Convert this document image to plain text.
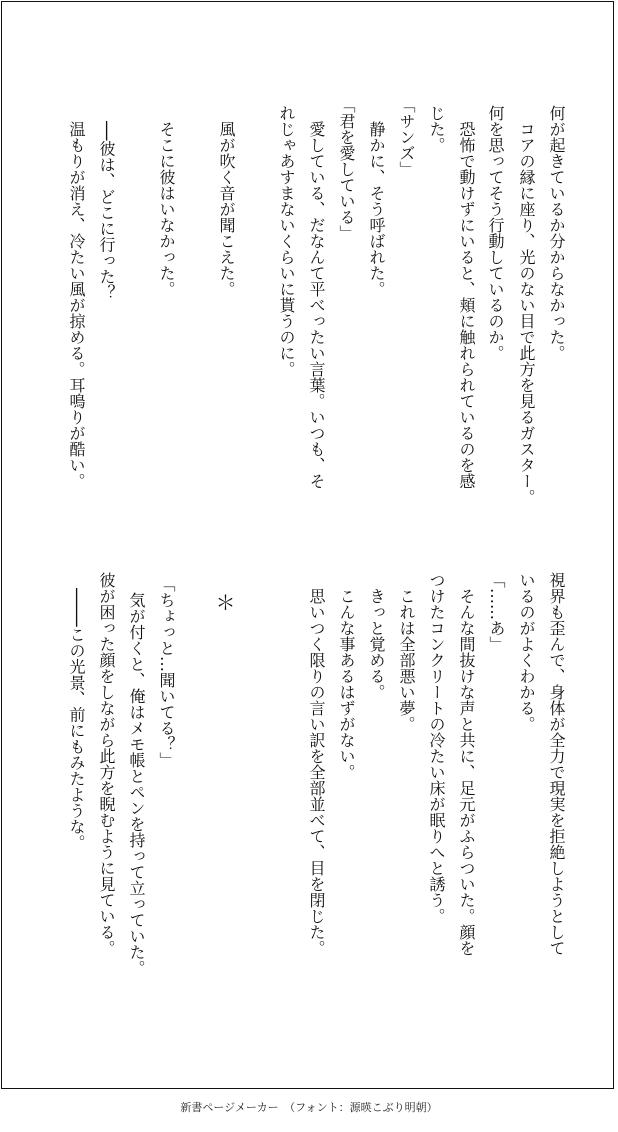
何が起きているか分からなかった。
　コアの縁に座り、光のない目で此方を見るガスター。
何を思ってそう行動しているのか。
　恐怖で動けずにいると、頬に触れられているのを感
じた。
「サンズ」
　静かに、そう呼ばれた。
「君を愛している」
　愛している、だなんて平べったい言葉。いつも、そ
れじゃあすまないくらいに貰うのに。
　風が吹く音が聞こえた。
　そこに彼はいなかった。
　──彼は、どこに行った？
　温もりが消え、冷たい風が掠める。耳鳴りが酷い。
視界も歪んで、身体が全力で現実を拒絶しようとして
いるのがよくわかる。
「……あ」
　そんな間抜けな声と共に、足元がふらついた。顔を
つけたコンクリートの冷たい床が眠りへと誘う。
　これは全部悪い夢。
　きっと覚める。
　こんな事あるはずがない。
　思いつく限りの言い訳を全部並べて、目を閉じた。
　＊
「ちょっと…聞いてる？」
　気が付くと、俺はメモ帳とペンを持って立っていた。
彼が困った顔をしながら此方を睨むように見ている。
　────この光景、前にもみたような。
新書ページメーカー　（フォント：源暎こぶり明朝）
